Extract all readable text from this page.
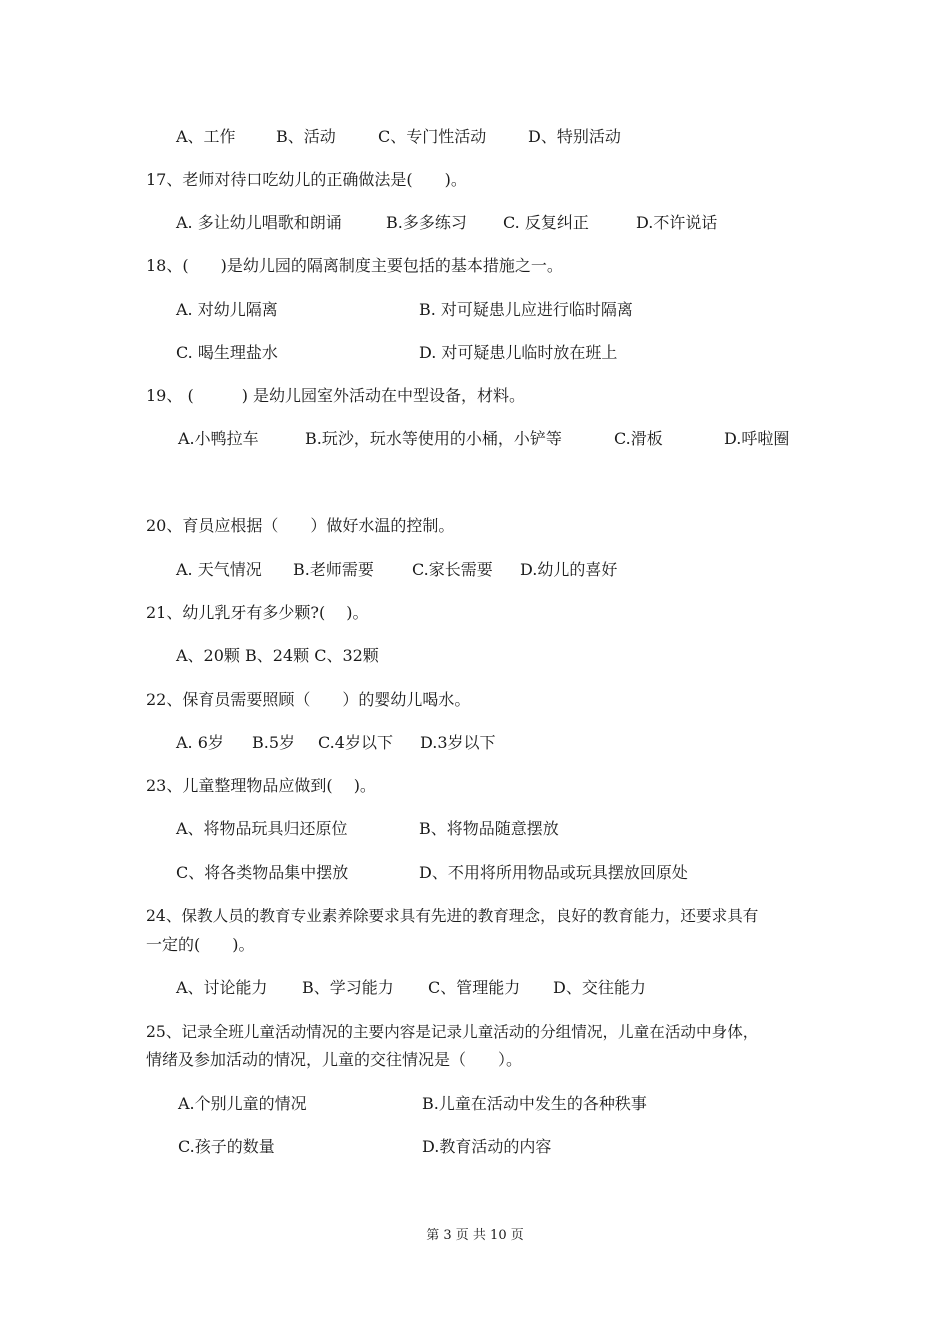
A、工作	B、活动	C、专门性活动	D、特别活动

17、老师对待口吃幼儿的正确做法是(　　)。

A. 多让幼儿唱歌和朗诵	B.多多练习 C. 反复纠正	D.不许说话

18、(　　)是幼儿园的隔离制度主要包括的基本措施之一。

A. 对幼儿隔离	B. 对可疑患儿应进行临时隔离
C. 喝生理盐水	D. 对可疑患儿临时放在班上

19、 (　　　) 是幼儿园室外活动在中型设备，材料。

A.小鸭拉车	B.玩沙，玩水等使用的小桶，小铲等	C.滑板	D.呼啦圈

20、育员应根据（　　）做好水温的控制。

A. 天气情况 B.老师需要 C.家长需要 D.幼儿的喜好

21、幼儿乳牙有多少颗?(　 )。

A、20颗 B、24颗 C、32颗

22、保育员需要照顾（　　）的婴幼儿喝水。

A. 6岁 B.5岁 C.4岁以下 D.3岁以下

23、儿童整理物品应做到(　 )。

A、将物品玩具归还原位	B、将物品随意摆放
C、将各类物品集中摆放	D、不用将所用物品或玩具摆放回原处

24、保教人员的教育专业素养除要求具有先进的教育理念，良好的教育能力，还要求具有

一定的(　　)。

A、讨论能力 B、学习能力 C、管理能力 D、交往能力

25、记录全班儿童活动情况的主要内容是记录儿童活动的分组情况，儿童在活动中身体，

情绪及参加活动的情况，儿童的交往情况是（　　）。

A.个别儿童的情况	B.儿童在活动中发生的各种秩事
C.孩子的数量	D.教育活动的内容
第 3 页 共 10 页
